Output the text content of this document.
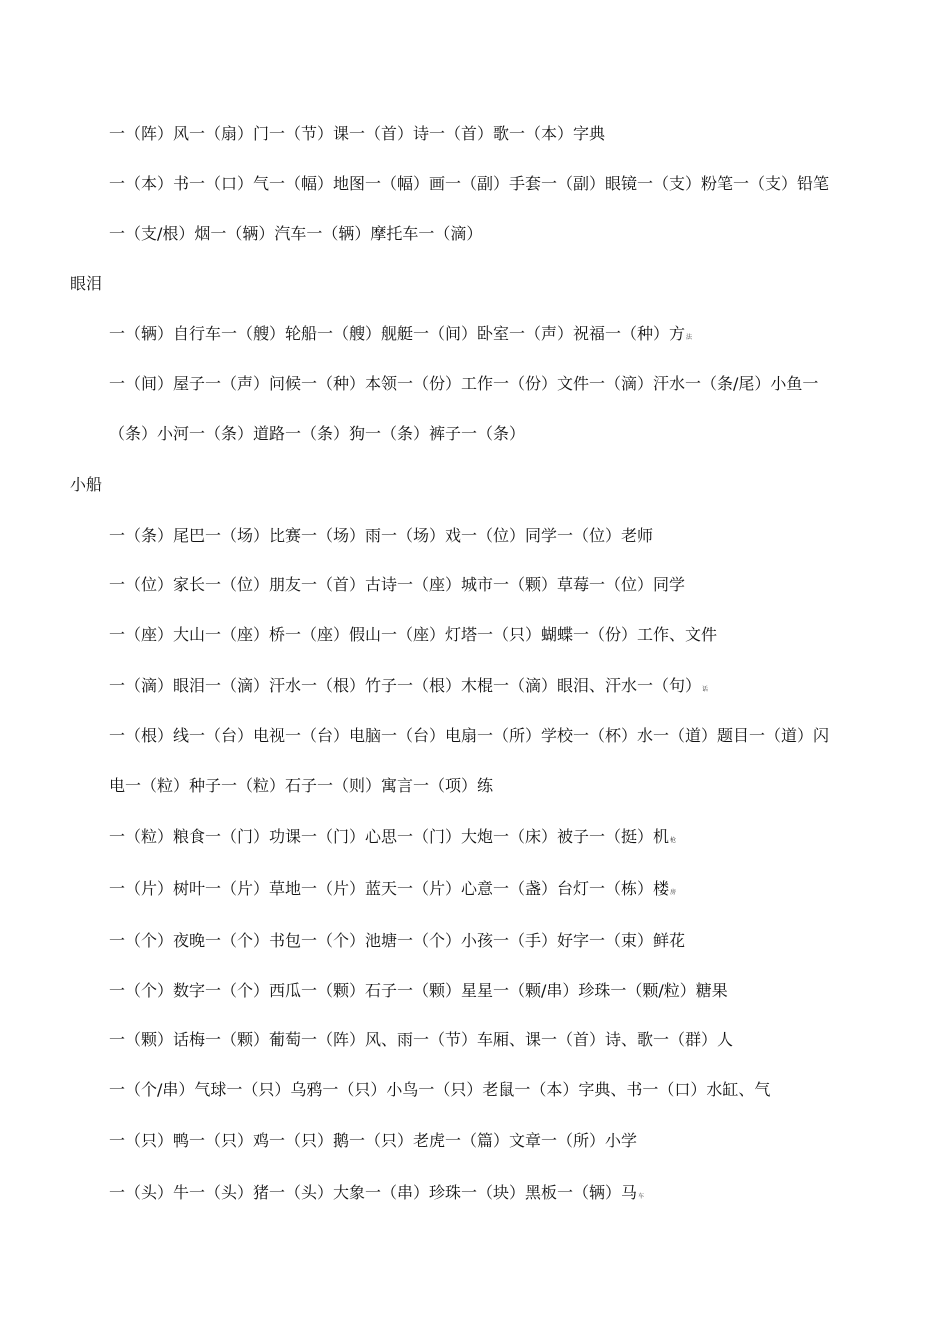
一（阵）风一（扇）门一（节）课一（首）诗一（首）歌一（本）字典
一（本）书一（口）气一（幅）地图一（幅）画一（副）手套一（副）眼镜一（支）粉笔一（支）铅笔
一（支/根）烟一（辆）汽车一（辆）摩托车一（滴）
眼泪
一（辆）自行车一（艘）轮船一（艘）舰艇一（间）卧室一（声）祝福一（种）方法
一（间）屋子一（声）问候一（种）本领一（份）工作一（份）文件一（滴）汗水一（条/尾）小鱼一
（条）小河一（条）道路一（条）狗一（条）裤子一（条）
小船
一（条）尾巴一（场）比赛一（场）雨一（场）戏一（位）同学一（位）老师
一（位）家长一（位）朋友一（首）古诗一（座）城市一（颗）草莓一（位）同学
一（座）大山一（座）桥一（座）假山一（座）灯塔一（只）蝴蝶一（份）工作、文件
一（滴）眼泪一（滴）汗水一（根）竹子一（根）木棍一（滴）眼泪、汗水一（句）话
一（根）线一（台）电视一（台）电脑一（台）电扇一（所）学校一（杯）水一（道）题目一（道）闪
电一（粒）种子一（粒）石子一（则）寓言一（项）练
一（粒）粮食一（门）功课一（门）心思一（门）大炮一（床）被子一（挺）机枪
一（片）树叶一（片）草地一（片）蓝天一（片）心意一（盏）台灯一（栋）楼房
一（个）夜晚一（个）书包一（个）池塘一（个）小孩一（手）好字一（束）鲜花
一（个）数字一（个）西瓜一（颗）石子一（颗）星星一（颗/串）珍珠一（颗/粒）糖果
一（颗）话梅一（颗）葡萄一（阵）风、雨一（节）车厢、课一（首）诗、歌一（群）人
一（个/串）气球一（只）乌鸦一（只）小鸟一（只）老鼠一（本）字典、书一（口）水缸、气
一（只）鸭一（只）鸡一（只）鹅一（只）老虎一（篇）文章一（所）小学
一（头）牛一（头）猪一（头）大象一（串）珍珠一（块）黑板一（辆）马车
